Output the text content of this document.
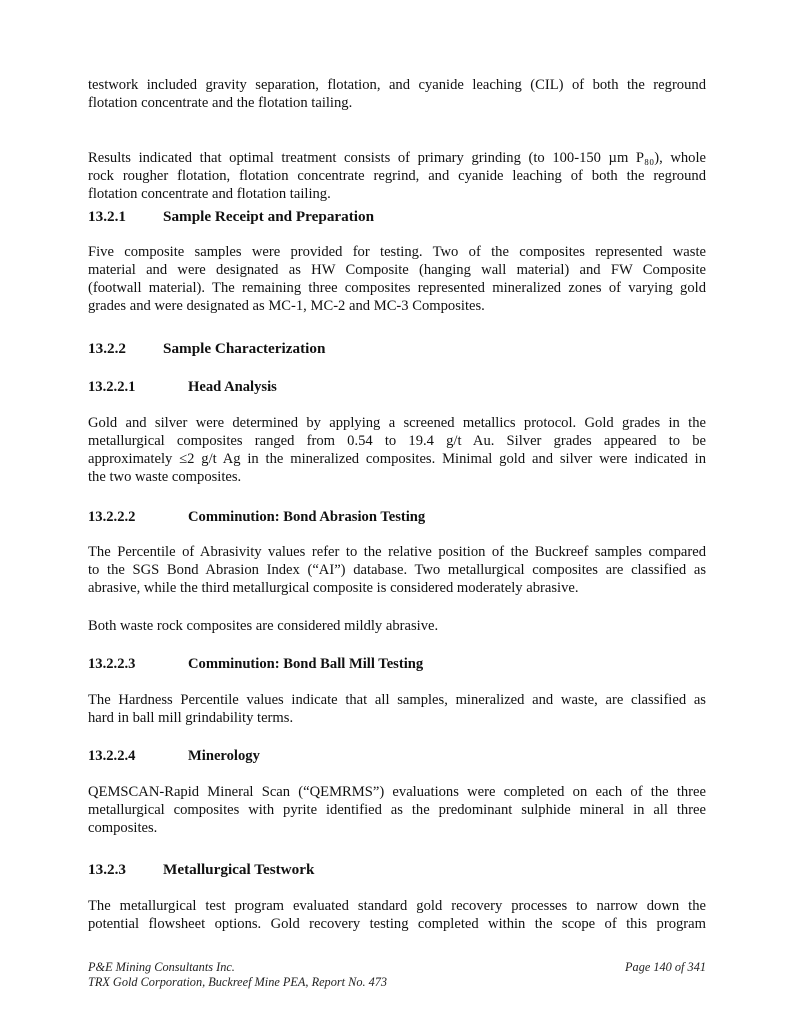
testwork included gravity separation, flotation, and cyanide leaching (CIL) of both the reground
flotation concentrate and the flotation tailing.
Results indicated that optimal treatment consists of primary grinding (to 100-150 µm P₈₀), whole
rock rougher flotation, flotation concentrate regrind, and cyanide leaching of both the reground
flotation concentrate and flotation tailing.
13.2.1 Sample Receipt and Preparation
Five composite samples were provided for testing. Two of the composites represented waste
material and were designated as HW Composite (hanging wall material) and FW Composite
(footwall material). The remaining three composites represented mineralized zones of varying gold
grades and were designated as MC-1, MC-2 and MC-3 Composites.
13.2.2 Sample Characterization
13.2.2.1	Head Analysis
Gold and silver were determined by applying a screened metallics protocol. Gold grades in the
metallurgical composites ranged from 0.54 to 19.4 g/t Au. Silver grades appeared to be
approximately ≤2 g/t Ag in the mineralized composites. Minimal gold and silver were indicated in
the two waste composites.
13.2.2.2	Comminution: Bond Abrasion Testing
The Percentile of Abrasivity values refer to the relative position of the Buckreef samples compared
to the SGS Bond Abrasion Index (“AI”) database. Two metallurgical composites are classified as
abrasive, while the third metallurgical composite is considered moderately abrasive.
Both waste rock composites are considered mildly abrasive.
13.2.2.3	Comminution: Bond Ball Mill Testing
The Hardness Percentile values indicate that all samples, mineralized and waste, are classified as
hard in ball mill grindability terms.
13.2.2.4	Minerology
QEMSCAN-Rapid Mineral Scan (“QEMRMS”) evaluations were completed on each of the three
metallurgical composites with pyrite identified as the predominant sulphide mineral in all three
composites.
13.2.3 Metallurgical Testwork
The metallurgical test program evaluated standard gold recovery processes to narrow down the
potential flowsheet options. Gold recovery testing completed within the scope of this program
P&E Mining Consultants Inc.
TRX Gold Corporation, Buckreef Mine PEA, Report No. 473
Page 140 of 341
